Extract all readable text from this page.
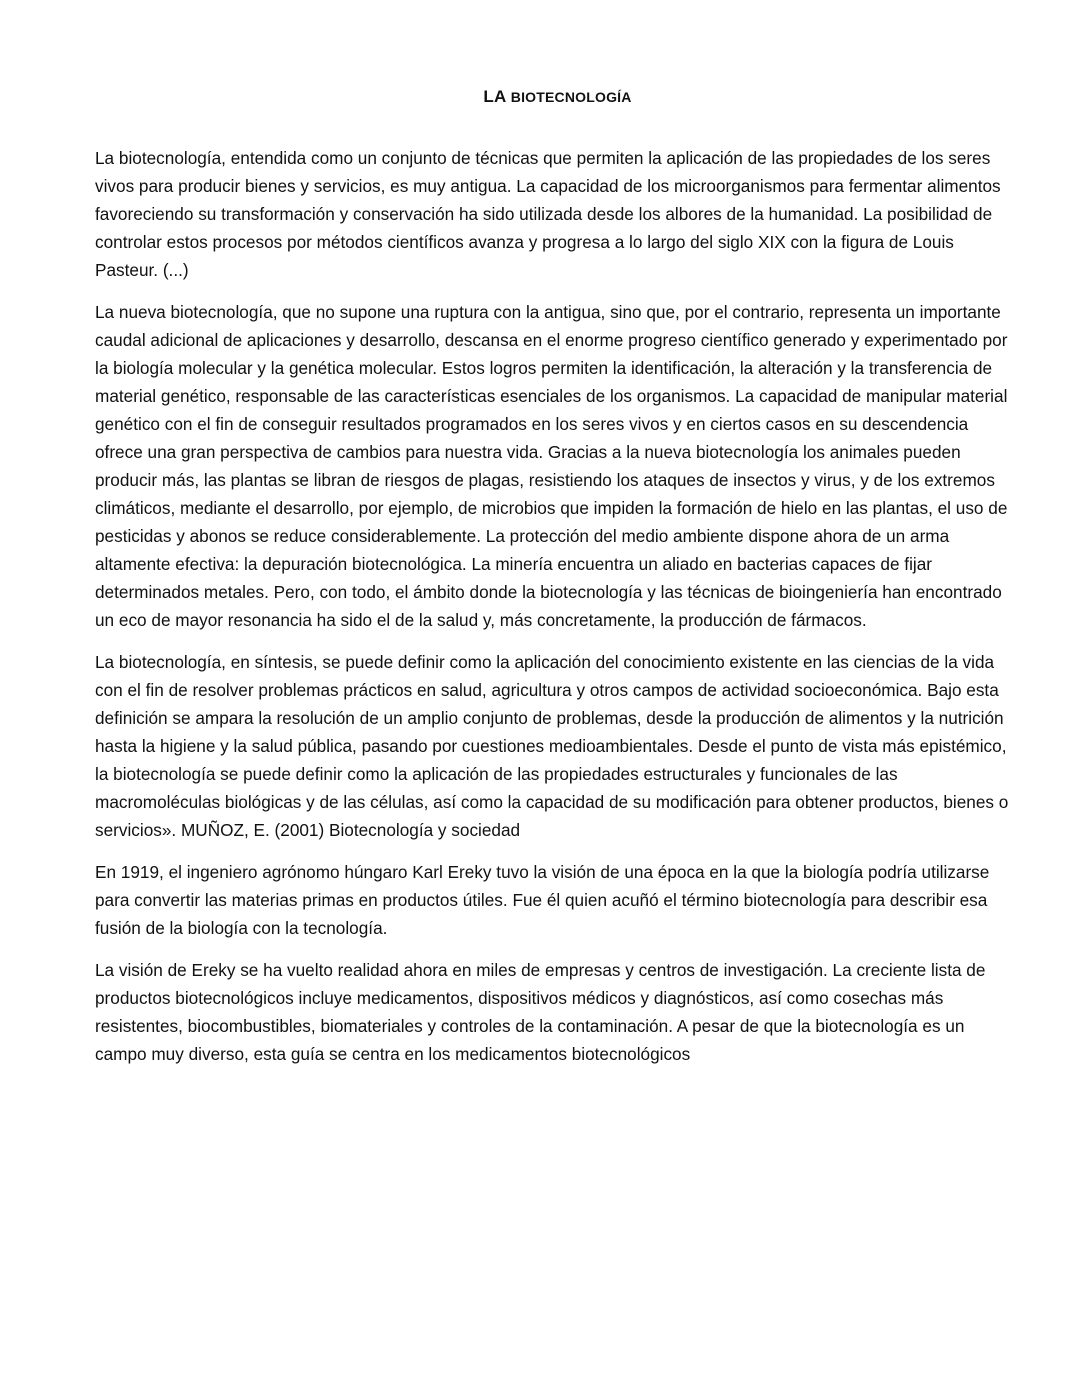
LA BIOTECNOLOGÍA

La biotecnología, entendida como un conjunto de técnicas que permiten la aplicación de las propiedades de los seres vivos para producir bienes y servicios, es muy antigua. La capacidad de los microorganismos para fermentar alimentos favoreciendo su transformación y conservación ha sido utilizada desde los albores de la humanidad. La posibilidad de controlar estos procesos por métodos científicos avanza y progresa a lo largo del siglo XIX con la figura de Louis Pasteur. (...)

La nueva biotecnología, que no supone una ruptura con la antigua, sino que, por el contrario, representa un importante caudal adicional de aplicaciones y desarrollo, descansa en el enorme progreso científico generado y experimentado por la biología molecular y la genética molecular. Estos logros permiten la identificación, la alteración y la transferencia de material genético, responsable de las características esenciales de los organismos. La capacidad de manipular material genético con el fin de conseguir resultados programados en los seres vivos y en ciertos casos en su descendencia ofrece una gran perspectiva de cambios para nuestra vida. Gracias a la nueva biotecnología los animales pueden producir más, las plantas se libran de riesgos de plagas, resistiendo los ataques de insectos y virus, y de los extremos climáticos, mediante el desarrollo, por ejemplo, de microbios que impiden la formación de hielo en las plantas, el uso de pesticidas y abonos se reduce considerablemente. La protección del medio ambiente dispone ahora de un arma altamente efectiva: la depuración biotecnológica. La minería encuentra un aliado en bacterias capaces de fijar determinados metales. Pero, con todo, el ámbito donde la biotecnología y las técnicas de bioingeniería han encontrado un eco de mayor resonancia ha sido el de la salud y, más concretamente, la producción de fármacos.

La biotecnología, en síntesis, se puede definir como la aplicación del conocimiento existente en las ciencias de la vida con el fin de resolver problemas prácticos en salud, agricultura y otros campos de actividad socioeconómica. Bajo esta definición se ampara la resolución de un amplio conjunto de problemas, desde la producción de alimentos y la nutrición hasta la higiene y la salud pública, pasando por cuestiones medioambientales. Desde el punto de vista más epistémico, la biotecnología se puede definir como la aplicación de las propiedades estructurales y funcionales de las macromoléculas biológicas y de las células, así como la capacidad de su modificación para obtener productos, bienes o servicios». MUÑOZ, E. (2001) Biotecnología y sociedad

En 1919, el ingeniero agrónomo húngaro Karl Ereky tuvo la visión de una época en la que la biología podría utilizarse para convertir las materias primas en productos útiles. Fue él quien acuñó el término biotecnología para describir esa fusión de la biología con la tecnología.

La visión de Ereky se ha vuelto realidad ahora en miles de empresas y centros de investigación. La creciente lista de productos biotecnológicos incluye medicamentos, dispositivos médicos y diagnósticos, así como cosechas más resistentes, biocombustibles, biomateriales y controles de la contaminación. A pesar de que la biotecnología es un campo muy diverso, esta guía se centra en los medicamentos biotecnológicos
